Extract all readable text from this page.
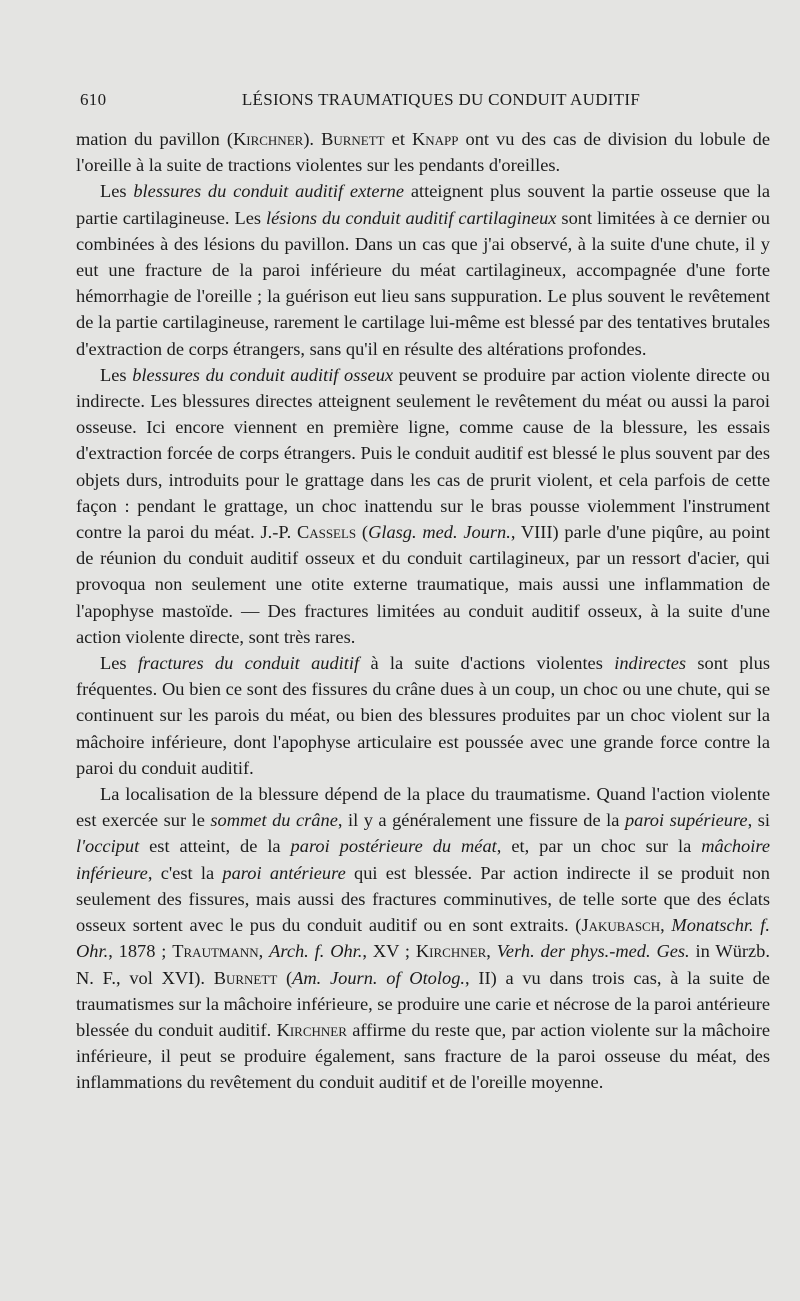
610	LÉSIONS TRAUMATIQUES DU CONDUIT AUDITIF

mation du pavillon (Kirchner). Burnett et Knapp ont vu des cas de division du lobule de l'oreille à la suite de tractions violentes sur les pendants d'oreilles.

Les blessures du conduit auditif externe atteignent plus souvent la partie osseuse que la partie cartilagineuse. Les lésions du conduit auditif cartilagineux sont limitées à ce dernier ou combinées à des lésions du pavillon. Dans un cas que j'ai observé, à la suite d'une chute, il y eut une fracture de la paroi inférieure du méat cartilagineux, accompagnée d'une forte hémorrhagie de l'oreille ; la guérison eut lieu sans suppuration. Le plus souvent le revêtement de la partie cartilagineuse, rarement le cartilage lui-même est blessé par des tentatives brutales d'extraction de corps étrangers, sans qu'il en résulte des altérations profondes.

Les blessures du conduit auditif osseux peuvent se produire par action violente directe ou indirecte. Les blessures directes atteignent seulement le revêtement du méat ou aussi la paroi osseuse. Ici encore viennent en première ligne, comme cause de la blessure, les essais d'extraction forcée de corps étrangers. Puis le conduit auditif est blessé le plus souvent par des objets durs, introduits pour le grattage dans les cas de prurit violent, et cela parfois de cette façon : pendant le grattage, un choc inattendu sur le bras pousse violemment l'instrument contre la paroi du méat. J.-P. Cassels (Glasg. med. Journ., VIII) parle d'une piqûre, au point de réunion du conduit auditif osseux et du conduit cartilagineux, par un ressort d'acier, qui provoqua non seulement une otite externe traumatique, mais aussi une inflammation de l'apophyse mastoïde. — Des fractures limitées au conduit auditif osseux, à la suite d'une action violente directe, sont très rares.

Les fractures du conduit auditif à la suite d'actions violentes indirectes sont plus fréquentes. Ou bien ce sont des fissures du crâne dues à un coup, un choc ou une chute, qui se continuent sur les parois du méat, ou bien des blessures produites par un choc violent sur la mâchoire inférieure, dont l'apophyse articulaire est poussée avec une grande force contre la paroi du conduit auditif.

La localisation de la blessure dépend de la place du traumatisme. Quand l'action violente est exercée sur le sommet du crâne, il y a généralement une fissure de la paroi supérieure, si l'occiput est atteint, de la paroi postérieure du méat, et, par un choc sur la mâchoire inférieure, c'est la paroi antérieure qui est blessée. Par action indirecte il se produit non seulement des fissures, mais aussi des fractures comminutives, de telle sorte que des éclats osseux sortent avec le pus du conduit auditif ou en sont extraits. (Jakubasch, Monatschr. f. Ohr., 1878 ; Trautmann, Arch. f. Ohr., XV ; Kirchner, Verh. der phys.-med. Ges. in Würzb. N. F., vol XVI). Burnett (Am. Journ. of Otolog., II) a vu dans trois cas, à la suite de traumatismes sur la mâchoire inférieure, se produire une carie et nécrose de la paroi antérieure blessée du conduit auditif. Kirchner affirme du reste que, par action violente sur la mâchoire inférieure, il peut se produire également, sans fracture de la paroi osseuse du méat, des inflammations du revêtement du conduit auditif et de l'oreille moyenne.
